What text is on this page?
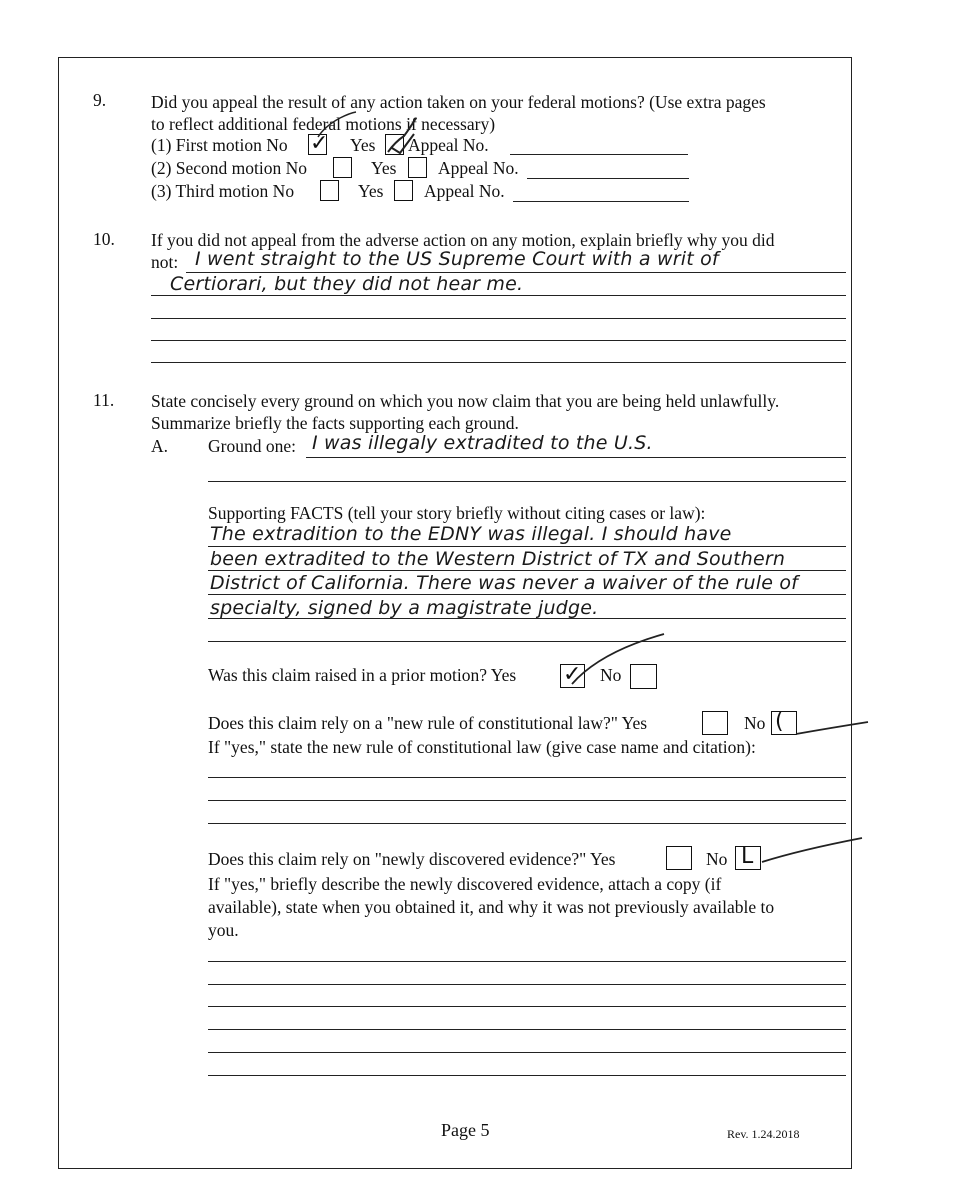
9.	Did you appeal the result of any action taken on your federal motions? (Use extra pages
to reflect additional federal motions if necessary)
(1) First motion No ✓ Yes Appeal No.
(2) Second motion No	Yes Appeal No.
(3) Third motion No	Yes Appeal No.
10. If you did not appeal from the adverse action on any motion, explain briefly why you did
not: I went straight to the US Supreme Court with a writ of
Certiorari, but they did not hear me.
11. State concisely every ground on which you now claim that you are being held unlawfully.
Summarize briefly the facts supporting each ground.
A. Ground one: I was illegaly extradited to the U.S.
Supporting FACTS (tell your story briefly without citing cases or law):
The extradition to the EDNY was illegal. I should have
been extradited to the Western District of TX and Southern
District of California. There was never a waiver of the rule of
specialty, signed by a magistrate judge.
Was this claim raised in a prior motion? Yes ✓ No
Does this claim rely on a "new rule of constitutional law?" Yes	No (
If "yes," state the new rule of constitutional law (give case name and citation):
Does this claim rely on "newly discovered evidence?" Yes	No L
If "yes," briefly describe the newly discovered evidence, attach a copy (if
available), state when you obtained it, and why it was not previously available to
you.
Page 5	Rev. 1.24.2018
